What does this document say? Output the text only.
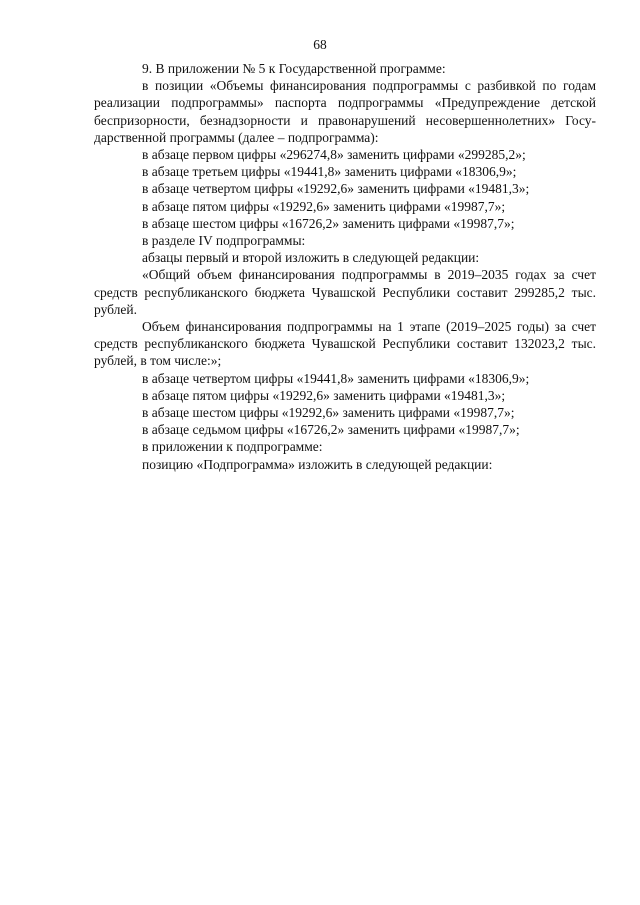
68

9. В приложении № 5 к Государственной программе:

в позиции «Объемы финансирования подпрограммы с разбивкой по годам реализации подпрограммы» паспорта подпрограммы «Предупреждение детской беспризорности, безнадзорности и правонарушений несовершеннолетних» Госу-дарственной программы (далее – подпрограмма):

в абзаце первом цифры «296274,8» заменить цифрами «299285,2»;

в абзаце третьем цифры «19441,8» заменить цифрами «18306,9»;

в абзаце четвертом цифры «19292,6» заменить цифрами «19481,3»;

в абзаце пятом цифры «19292,6» заменить цифрами «19987,7»;

в абзаце шестом цифры «16726,2» заменить цифрами «19987,7»;

в разделе IV подпрограммы:

абзацы первый и второй изложить в следующей редакции:

«Общий объем финансирования подпрограммы в 2019–2035 годах за счет средств республиканского бюджета Чувашской Республики составит 299285,2 тыс. рублей.

Объем финансирования подпрограммы на 1 этапе (2019–2025 годы) за счет средств республиканского бюджета Чувашской Республики составит 132023,2 тыс. рублей, в том числе:»;

в абзаце четвертом цифры «19441,8» заменить цифрами «18306,9»;

в абзаце пятом цифры «19292,6» заменить цифрами «19481,3»;

в абзаце шестом цифры «19292,6» заменить цифрами «19987,7»;

в абзаце седьмом цифры «16726,2» заменить цифрами «19987,7»;

в приложении к подпрограмме:

позицию «Подпрограмма» изложить в следующей редакции:
